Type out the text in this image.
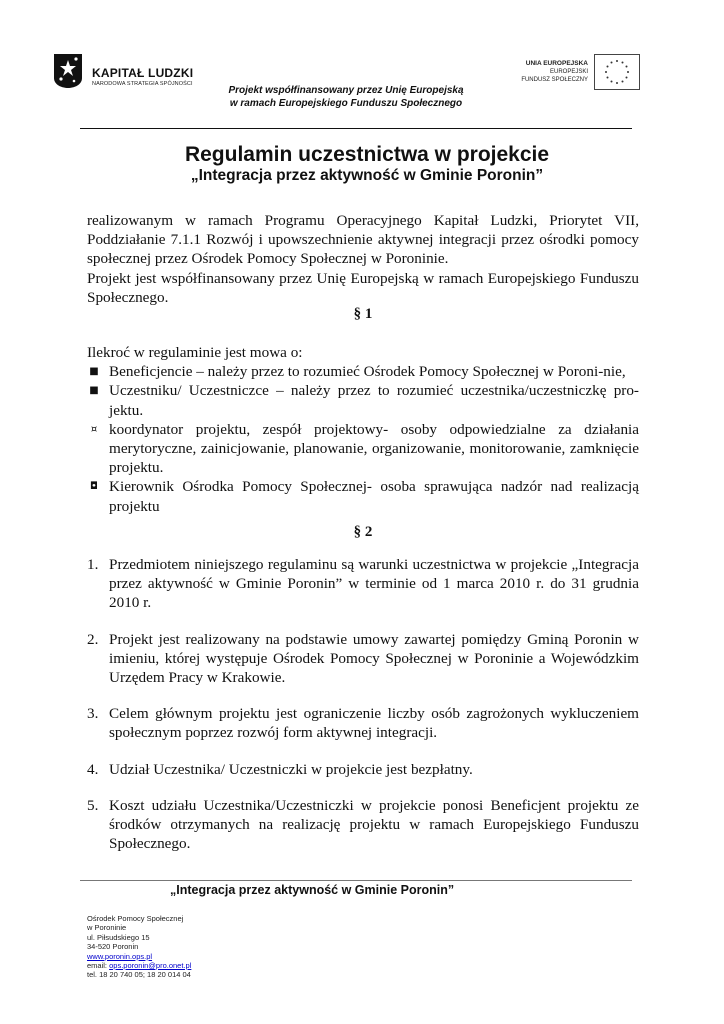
KAPITAŁ LUDZKI
NARODOWA STRATEGIA SPÓJNOŚCI
Projekt współfinansowany przez Unię Europejską
w ramach Europejskiego Funduszu Społecznego
UNIA EUROPEJSKA
EUROPEJSKI
FUNDUSZ SPOŁECZNY
Regulamin uczestnictwa w projekcie
„Integracja przez aktywność w Gminie Poronin”

realizowanym w ramach Programu Operacyjnego Kapitał Ludzki, Priorytet VII, Poddziałanie 7.1.1 Rozwój i upowszechnienie aktywnej integracji przez ośrodki pomocy społecznej przez Ośrodek Pomocy Społecznej w Poroninie.

Projekt jest współfinansowany przez Unię Europejską w ramach Europejskiego Funduszu Społecznego.

§ 1

Ilekroć w regulaminie jest mowa o:

■ Beneficjencie – należy przez to rozumieć Ośrodek Pomocy Społecznej w Poroni-nie,
■ Uczestniku/ Uczestniczce – należy przez to rozumieć uczestnika/uczestniczkę pro-jektu.
¤ koordynator projektu, zespół projektowy- osoby odpowiedzialne za działania merytoryczne, zainicjowanie, planowanie, organizowanie, monitorowanie, zamknięcie projektu.
◘ Kierownik Ośrodka Pomocy Społecznej- osoba sprawująca nadzór nad realizacją projektu
§ 2
1. Przedmiotem niniejszego regulaminu są warunki uczestnictwa w projekcie „Integracja przez aktywność w Gminie Poronin” w terminie od 1 marca 2010 r. do 31 grudnia 2010 r.
2. Projekt jest realizowany na podstawie umowy zawartej pomiędzy Gminą Poronin w imieniu, której występuje Ośrodek Pomocy Społecznej w Poroninie a Wojewódzkim Urzędem Pracy w Krakowie.
3. Celem głównym projektu jest ograniczenie liczby osób zagrożonych wykluczeniem społecznym poprzez rozwój form aktywnej integracji.
4. Udział Uczestnika/ Uczestniczki w projekcie jest bezpłatny.
5. Koszt udziału Uczestnika/Uczestniczki w projekcie ponosi Beneficjent projektu ze środków otrzymanych na realizację projektu w ramach Europejskiego Funduszu Społecznego.
„Integracja przez aktywność w Gminie Poronin”
Ośrodek Pomocy Społecznej
w Poroninie
ul. Piłsudskiego 15
34-520 Poronin
www.poronin.ops.pl
email: ops.poronin@pro.onet.pl
tel. 18 20 740 05; 18 20 014 04
